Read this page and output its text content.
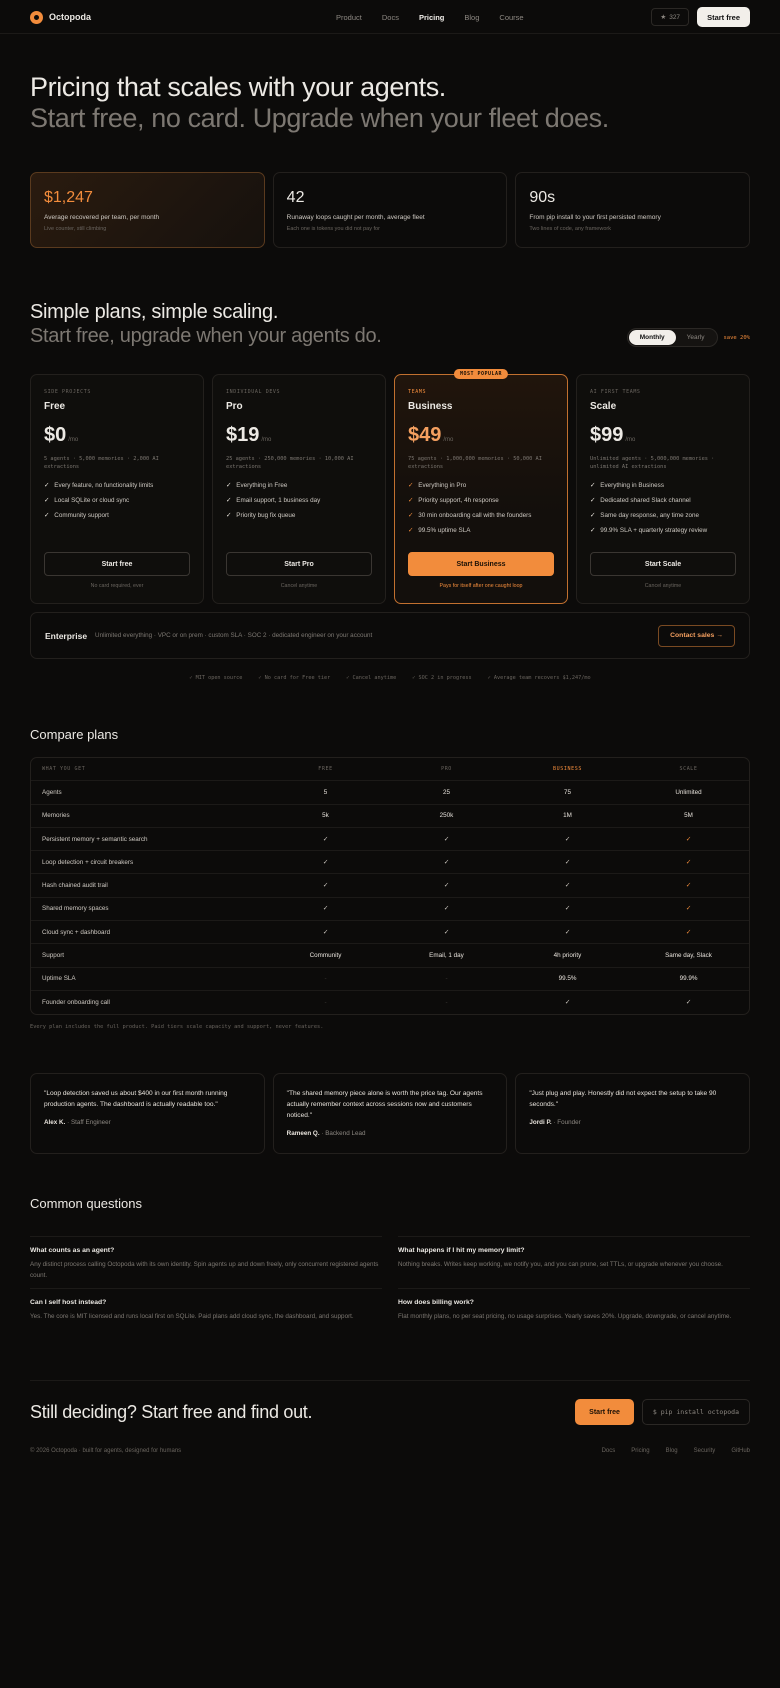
Octopoda	Product	Docs	Pricing	Blog	Course	★ 327	Start free
Pricing that scales with your agents.
Start free, no card. Upgrade when your fleet does.
$1,247
Average recovered per team, per month
Live counter, still climbing
42
Runaway loops caught per month, average fleet
Each one is tokens you did not pay for
90s
From pip install to your first persisted memory
Two lines of code, any framework
Simple plans, simple scaling.
Start free, upgrade when your agents do.	Monthly	Yearly	save 20%
SIDE PROJECTS
Free
$0 /mo
5 agents · 5,000 memories · 2,000 AI extractions
✓ Every feature, no functionality limits
✓ Local SQLite or cloud sync
✓ Community support
Start free
No card required, ever
INDIVIDUAL DEVS
Pro
$19 /mo
25 agents · 250,000 memories · 10,000 AI extractions
✓ Everything in Free
✓ Email support, 1 business day
✓ Priority bug fix queue
Start Pro
Cancel anytime
MOST POPULAR
TEAMS
Business
$49 /mo
75 agents · 1,000,000 memories · 50,000 AI extractions
✓ Everything in Pro
✓ Priority support, 4h response
✓ 30 min onboarding call with the founders
✓ 99.5% uptime SLA
Start Business
Pays for itself after one caught loop
AI FIRST TEAMS
Scale
$99 /mo
Unlimited agents · 5,000,000 memories · unlimited AI extractions
✓ Everything in Business
✓ Dedicated shared Slack channel
✓ Same day response, any time zone
✓ 99.9% SLA + quarterly strategy review
Start Scale
Cancel anytime
Enterprise Unlimited everything · VPC or on prem · custom SLA · SOC 2 · dedicated engineer on your account	Contact sales →
✓ MIT open source	✓ No card for Free tier	✓ Cancel anytime	✓ SOC 2 in progress	✓ Average team recovers $1,247/mo
Compare plans
WHAT YOU GET	FREE	PRO	BUSINESS	SCALE
Agents	5	25	75	Unlimited
Memories	5k	250k	1M	5M
Persistent memory + semantic search	✓	✓	✓	✓
Loop detection + circuit breakers	✓	✓	✓	✓
Hash chained audit trail	✓	✓	✓	✓
Shared memory spaces	✓	✓	✓	✓
Cloud sync + dashboard	✓	✓	✓	✓
Support	Community	Email, 1 day	4h priority	Same day, Slack
Uptime SLA	-	-	99.5%	99.9%
Founder onboarding call	-	-	✓	✓
Every plan includes the full product. Paid tiers scale capacity and support, never features.
"Loop detection saved us about $400 in our first month running production agents. The dashboard is actually readable too."
Alex K. · Staff Engineer
"The shared memory piece alone is worth the price tag. Our agents actually remember context across sessions now and customers noticed."
Rameen Q. · Backend Lead
"Just plug and play. Honestly did not expect the setup to take 90 seconds."
Jordi P. · Founder
Common questions
What counts as an agent?
Any distinct process calling Octopoda with its own identity. Spin agents up and down freely, only concurrent registered agents count.
What happens if I hit my memory limit?
Nothing breaks. Writes keep working, we notify you, and you can prune, set TTLs, or upgrade whenever you choose.
Can I self host instead?
Yes. The core is MIT licensed and runs local first on SQLite. Paid plans add cloud sync, the dashboard, and support.
How does billing work?
Flat monthly plans, no per seat pricing, no usage surprises. Yearly saves 20%. Upgrade, downgrade, or cancel anytime.
Still deciding? Start free and find out.	Start free	$ pip install octopoda
© 2026 Octopoda · built for agents, designed for humans	Docs	Pricing	Blog	Security	GitHub
